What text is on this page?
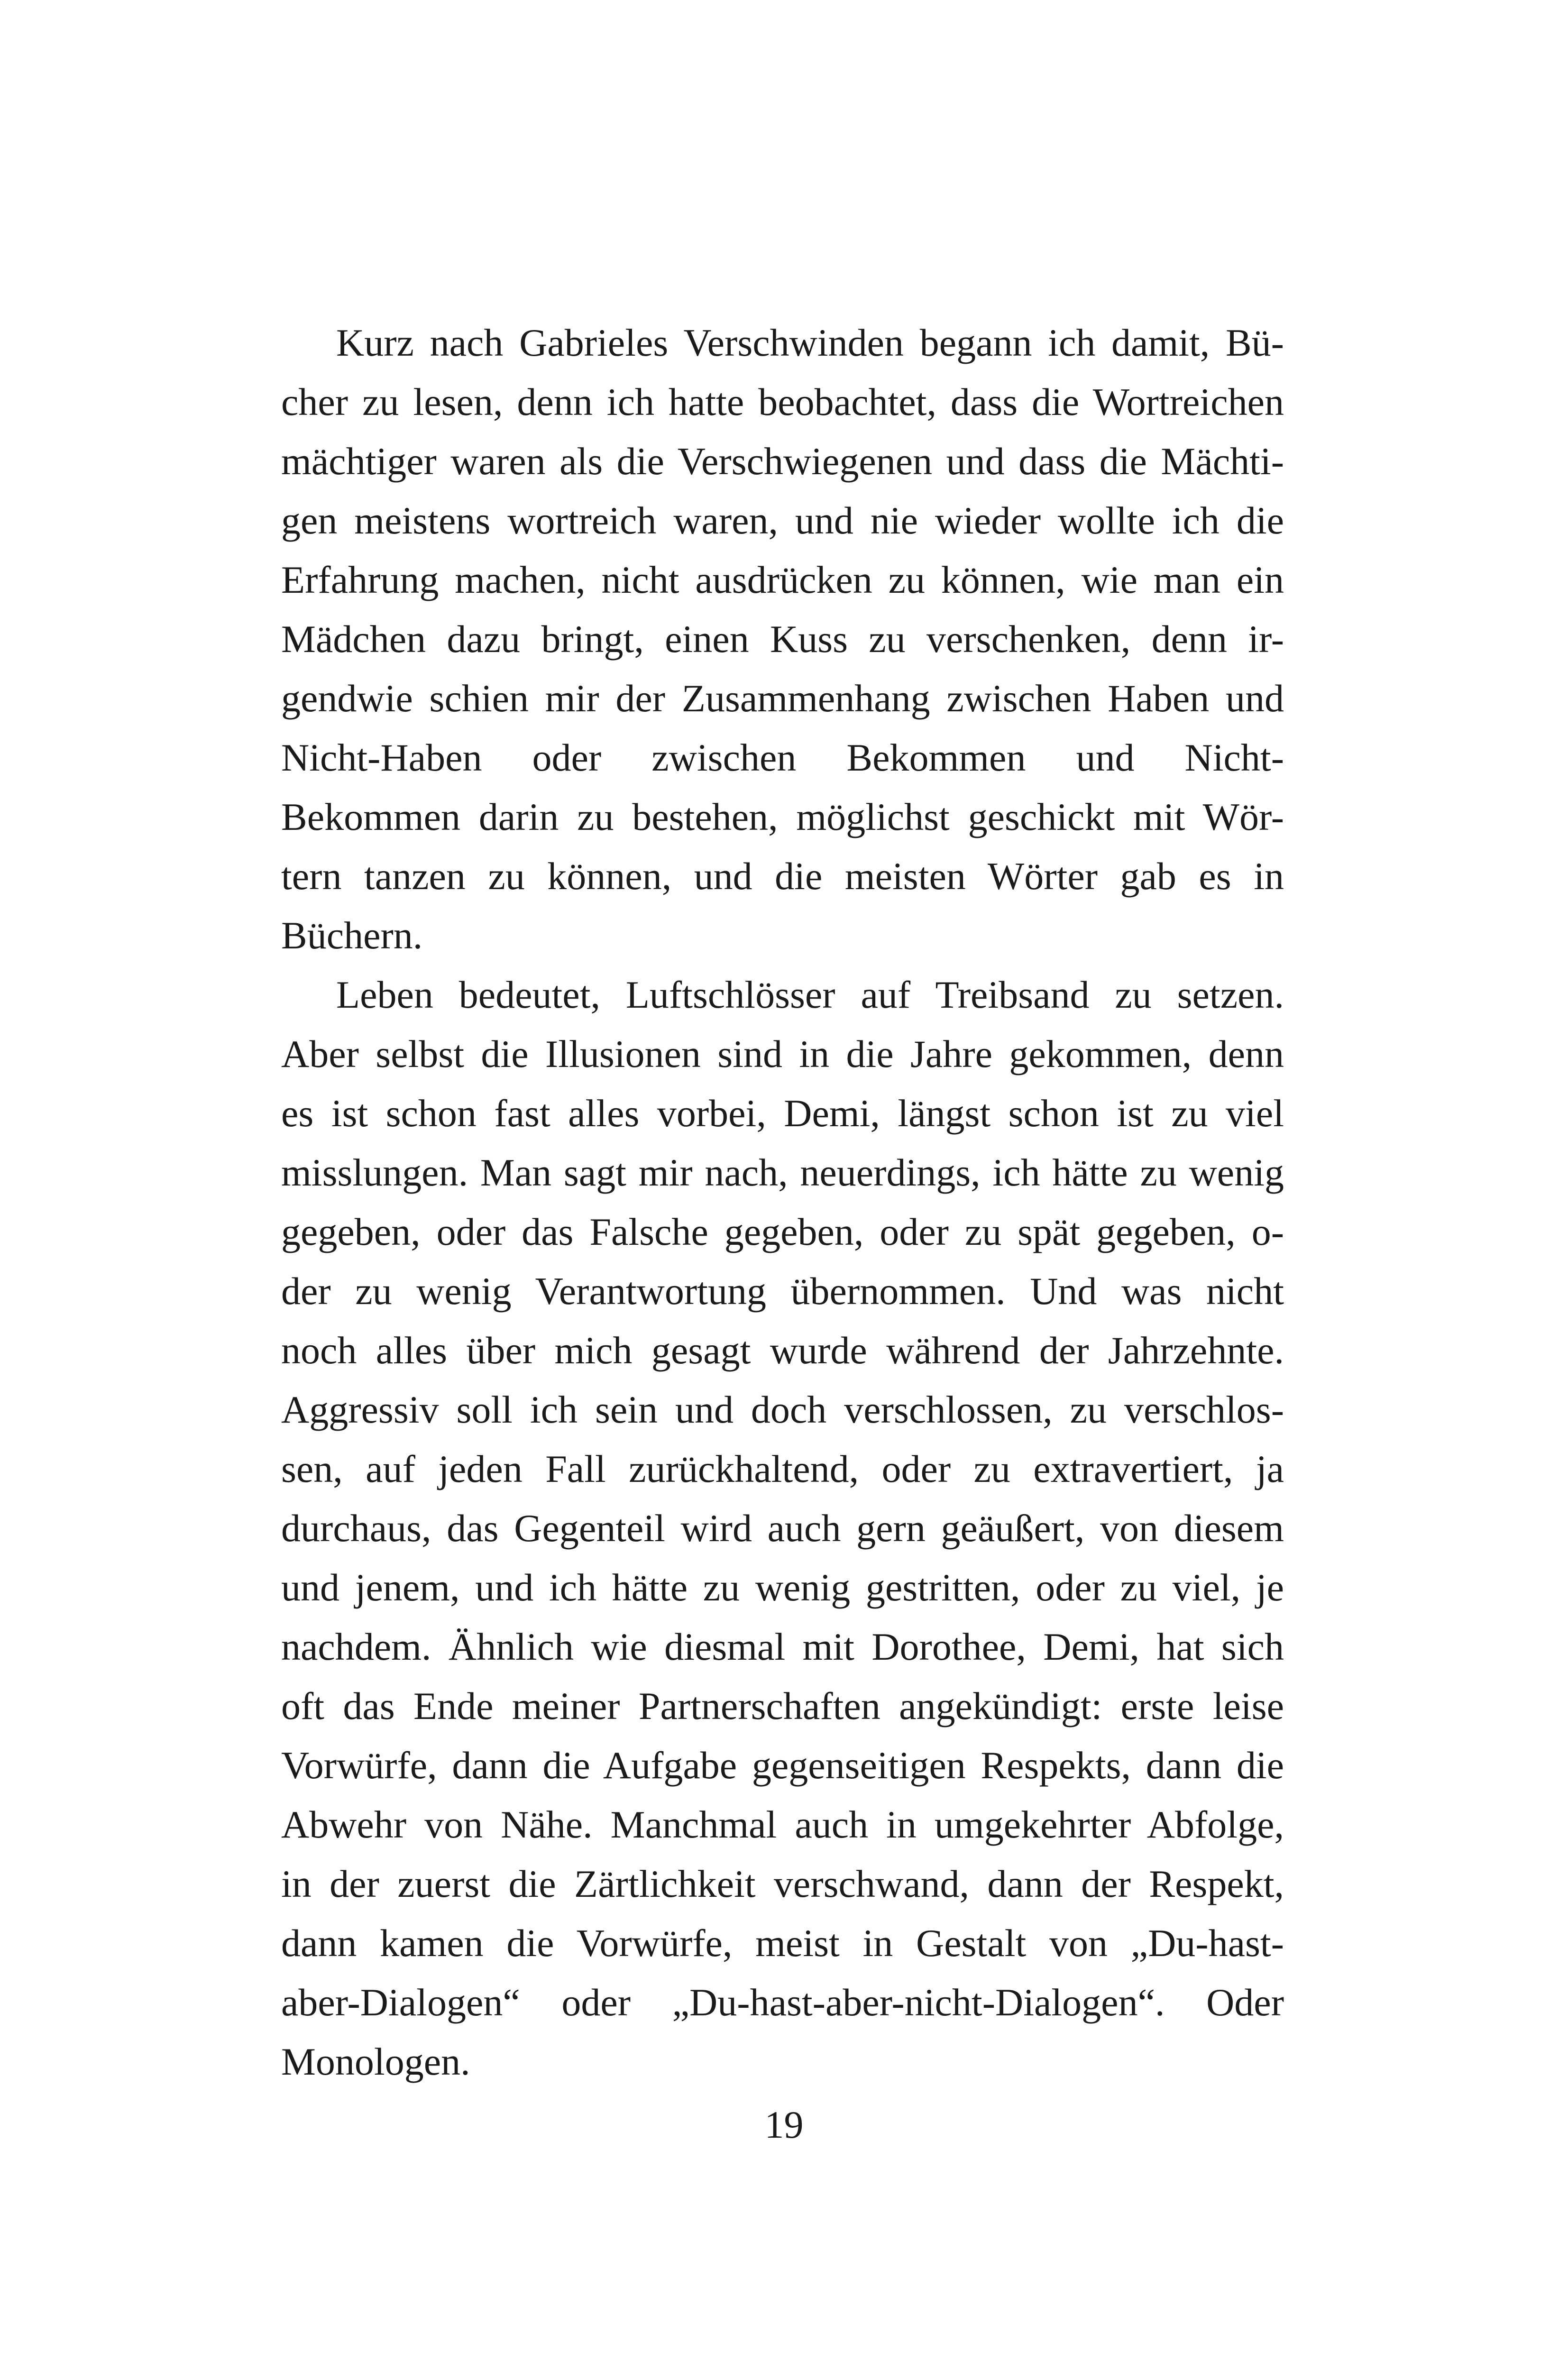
Kurz nach Gabrieles Verschwinden begann ich damit, Bü-
cher zu lesen, denn ich hatte beobachtet, dass die Wortreichen
mächtiger waren als die Verschwiegenen und dass die Mächti-
gen meistens wortreich waren, und nie wieder wollte ich die
Erfahrung machen, nicht ausdrücken zu können, wie man ein
Mädchen dazu bringt, einen Kuss zu verschenken, denn ir-
gendwie schien mir der Zusammenhang zwischen Haben und
Nicht-Haben oder zwischen Bekommen und Nicht-
Bekommen darin zu bestehen, möglichst geschickt mit Wör-
tern tanzen zu können, und die meisten Wörter gab es in
Büchern.
Leben bedeutet, Luftschlösser auf Treibsand zu setzen.
Aber selbst die Illusionen sind in die Jahre gekommen, denn
es ist schon fast alles vorbei, Demi, längst schon ist zu viel
misslungen. Man sagt mir nach, neuerdings, ich hätte zu wenig
gegeben, oder das Falsche gegeben, oder zu spät gegeben, o-
der zu wenig Verantwortung übernommen. Und was nicht
noch alles über mich gesagt wurde während der Jahrzehnte.
Aggressiv soll ich sein und doch verschlossen, zu verschlos-
sen, auf jeden Fall zurückhaltend, oder zu extravertiert, ja
durchaus, das Gegenteil wird auch gern geäußert, von diesem
und jenem, und ich hätte zu wenig gestritten, oder zu viel, je
nachdem. Ähnlich wie diesmal mit Dorothee, Demi, hat sich
oft das Ende meiner Partnerschaften angekündigt: erste leise
Vorwürfe, dann die Aufgabe gegenseitigen Respekts, dann die
Abwehr von Nähe. Manchmal auch in umgekehrter Abfolge,
in der zuerst die Zärtlichkeit verschwand, dann der Respekt,
dann kamen die Vorwürfe, meist in Gestalt von „Du-hast-
aber-Dialogen“ oder „Du-hast-aber-nicht-Dialogen“. Oder
Monologen.
19
